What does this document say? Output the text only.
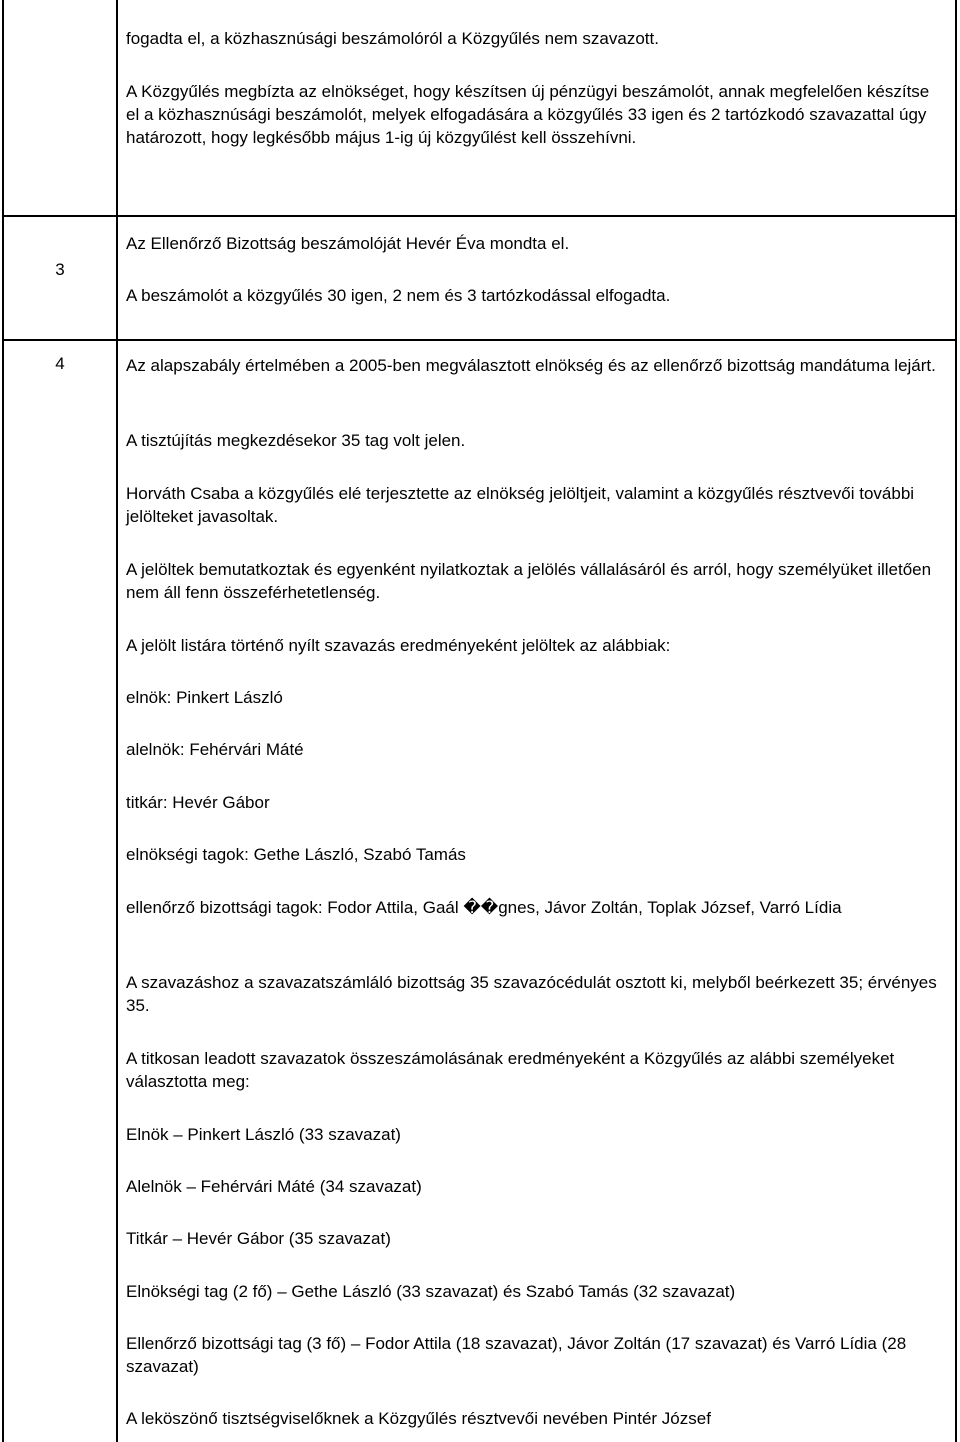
fogadta el, a közhasznúsági beszámolóról a Közgyűlés nem szavazott.

A Közgyűlés megbízta az elnökséget, hogy készítsen új pénzügyi beszámolót, annak megfelelően készítse el a közhasznúsági beszámolót, melyek elfogadására a közgyűlés 33 igen és 2 tartózkodó szavazattal úgy határozott, hogy legkésőbb május 1-ig új közgyűlést kell összehívni.

3

Az Ellenőrző Bizottság beszámolóját Hevér Éva mondta el.

A beszámolót a közgyűlés 30 igen, 2 nem és 3 tartózkodással elfogadta.

4	Az alapszabály értelmében a 2005-ben megválasztott elnökség és az ellenőrző bizottság mandátuma lejárt.

A tisztújítás megkezdésekor 35 tag volt jelen.

Horváth Csaba a közgyűlés elé terjesztette az elnökség jelöltjeit, valamint a közgyűlés résztvevői további jelölteket javasoltak.

A jelöltek bemutatkoztak és egyenként nyilatkoztak a jelölés vállalásáról és arról, hogy személyüket illetően nem áll fenn összeférhetetlenség.

A jelölt listára történő nyílt szavazás eredményeként jelöltek az alábbiak:

elnök: Pinkert László

alelnök: Fehérvári Máté

titkár: Hevér Gábor

elnökségi tagok: Gethe László, Szabó Tamás

ellenőrző bizottsági tagok: Fodor Attila, Gaál ��gnes, Jávor Zoltán, Toplak József, Varró Lídia

A szavazáshoz a szavazatszámláló bizottság 35 szavazócédulát osztott ki, melyből beérkezett 35; érvényes 35.

A titkosan leadott szavazatok összeszámolásának eredményeként a Közgyűlés az alábbi személyeket választotta meg:

Elnök – Pinkert László (33 szavazat)

Alelnök – Fehérvári Máté (34 szavazat)

Titkár – Hevér Gábor (35 szavazat)

Elnökségi tag (2 fő) – Gethe László (33 szavazat) és Szabó Tamás (32 szavazat)

Ellenőrző bizottsági tag (3 fő) – Fodor Attila (18 szavazat), Jávor Zoltán (17 szavazat) és Varró Lídia (28 szavazat)

A leköszönő tisztségviselőknek a Közgyűlés résztvevői nevében Pintér József
